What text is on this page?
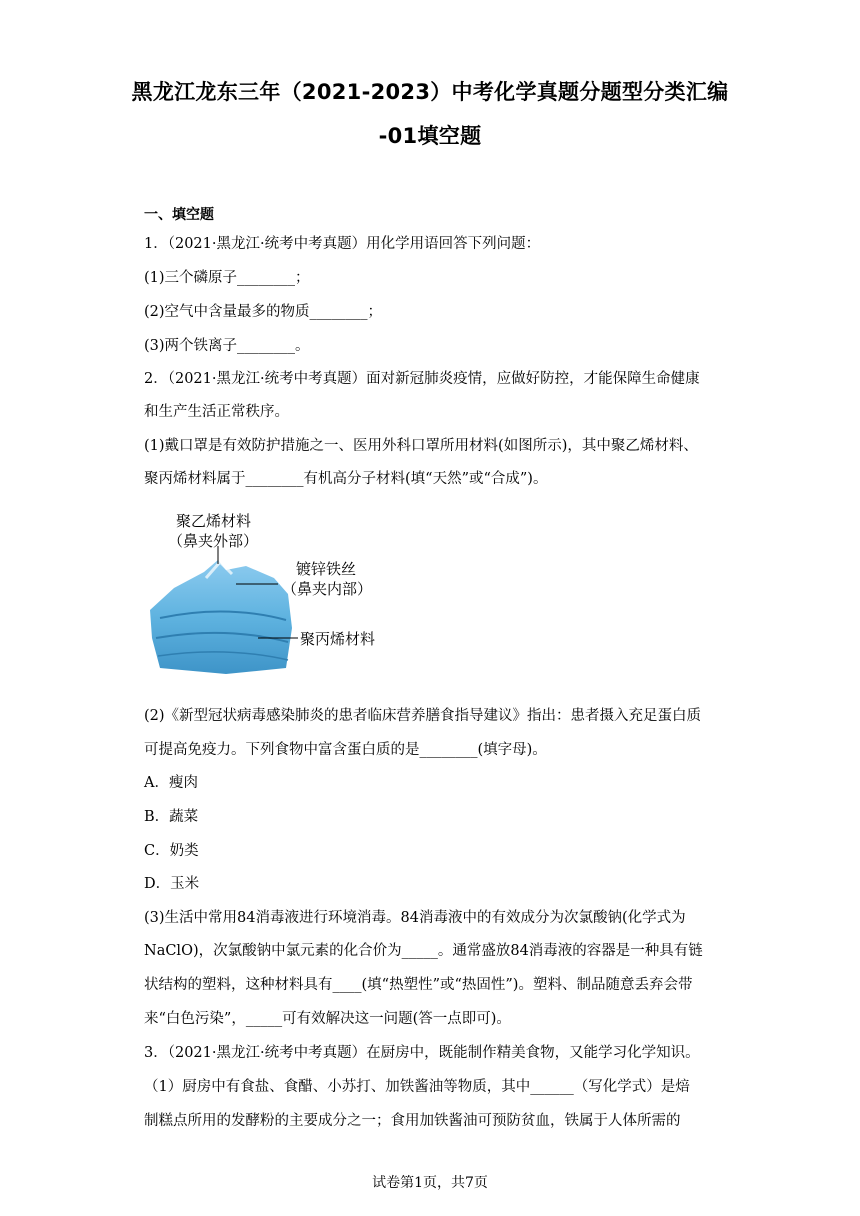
黑龙江龙东三年（2021-2023）中考化学真题分题型分类汇编
-01填空题
一、填空题
1．（2021·黑龙江·统考中考真题）用化学用语回答下列问题：
(1)三个磷原子________；
(2)空气中含量最多的物质________；
(3)两个铁离子________。
2．（2021·黑龙江·统考中考真题）面对新冠肺炎疫情，应做好防控，才能保障生命健康
和生产生活正常秩序。
(1)戴口罩是有效防护措施之一、医用外科口罩所用材料(如图所示)，其中聚乙烯材料、
聚丙烯材料属于________有机高分子材料(填“天然”或“合成”)。
聚乙烯材料
（鼻夹外部）
镀锌铁丝
（鼻夹内部）
聚丙烯材料
(2)《新型冠状病毒感染肺炎的患者临床营养膳食指导建议》指出：患者摄入充足蛋白质
可提高免疫力。下列食物中富含蛋白质的是________(填字母)。
A．瘦肉
B．蔬菜
C．奶类
D．玉米
(3)生活中常用84消毒液进行环境消毒。84消毒液中的有效成分为次氯酸钠(化学式为
NaClO)，次氯酸钠中氯元素的化合价为_____。通常盛放84消毒液的容器是一种具有链
状结构的塑料，这种材料具有____(填“热塑性”或“热固性”)。塑料、制品随意丢弃会带
来“白色污染”，_____可有效解决这一问题(答一点即可)。
3．（2021·黑龙江·统考中考真题）在厨房中，既能制作精美食物，又能学习化学知识。
（1）厨房中有食盐、食醋、小苏打、加铁酱油等物质，其中______（写化学式）是焙
制糕点所用的发酵粉的主要成分之一；食用加铁酱油可预防贫血，铁属于人体所需的
试卷第1页，共7页
